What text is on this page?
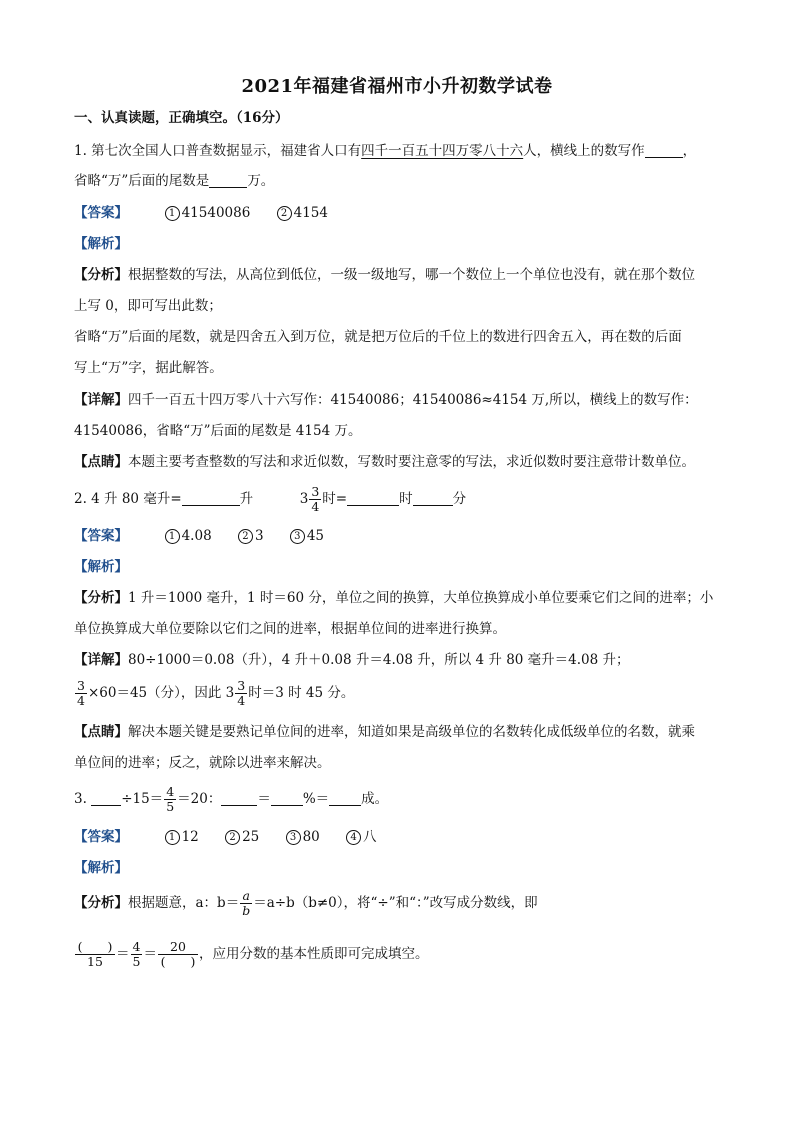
2021年福建省福州市小升初数学试卷
一、认真读题，正确填空。（16分）
1. 第七次全国人口普查数据显示，福建省人口有四千一百五十四万零八十六人，横线上的数写作	，
省略“万”后面的尾数是	万。
【答案】	1 41540086	2 4154
【解析】
【分析】根据整数的写法，从高位到低位，一级一级地写，哪一个数位上一个单位也没有，就在那个数位
上写 0，即可写出此数；
省略“万”后面的尾数，就是四舍五入到万位，就是把万位后的千位上的数进行四舍五入，再在数的后面
写上“万”字，据此解答。
【详解】四千一百五十四万零八十六写作：41540086；41540086≈4154 万,所以，横线上的数写作：
41540086，省略“万”后面的尾数是 4154 万。
【点睛】本题主要考查整数的写法和求近似数，写数时要注意零的写法，求近似数时要注意带计数单位。
2. 4 升 80 毫升=	升	$3 \frac{3}{4}$ 时=	时	分
【答案】	1 4.08	2 3	3 45
【解析】
【分析】1 升＝1000 毫升，1 时＝60 分，单位之间的换算，大单位换算成小单位要乘它们之间的进率；小
单位换算成大单位要除以它们之间的进率，根据单位间的进率进行换算。
【详解】80÷1000＝0.08（升），4 升＋0.08 升＝4.08 升，所以 4 升 80 毫升＝4.08 升；
$\frac{3}{4} \times 60=45$（分），因此 $3 \frac{3}{4}$ 时＝3 时 45 分。
【点睛】解决本题关键是要熟记单位间的进率，知道如果是高级单位的名数转化成低级单位的名数，就乘
单位间的进率；反之，就除以进率来解决。
3.	$\div 15= \frac{4}{5} =20$：	＝ %＝ 成。
【答案】	1 12	2 25	3 80	4 八
【解析】
【分析】根据题意，a：$b= \frac{a}{b} =a\div b(b\ne 0)$，将“÷”和“：”改写成分数线，即
$\frac{( )}{15} = \frac{4}{5} = \frac{20}{( )}$ ，应用分数的基本性质即可完成填空。
